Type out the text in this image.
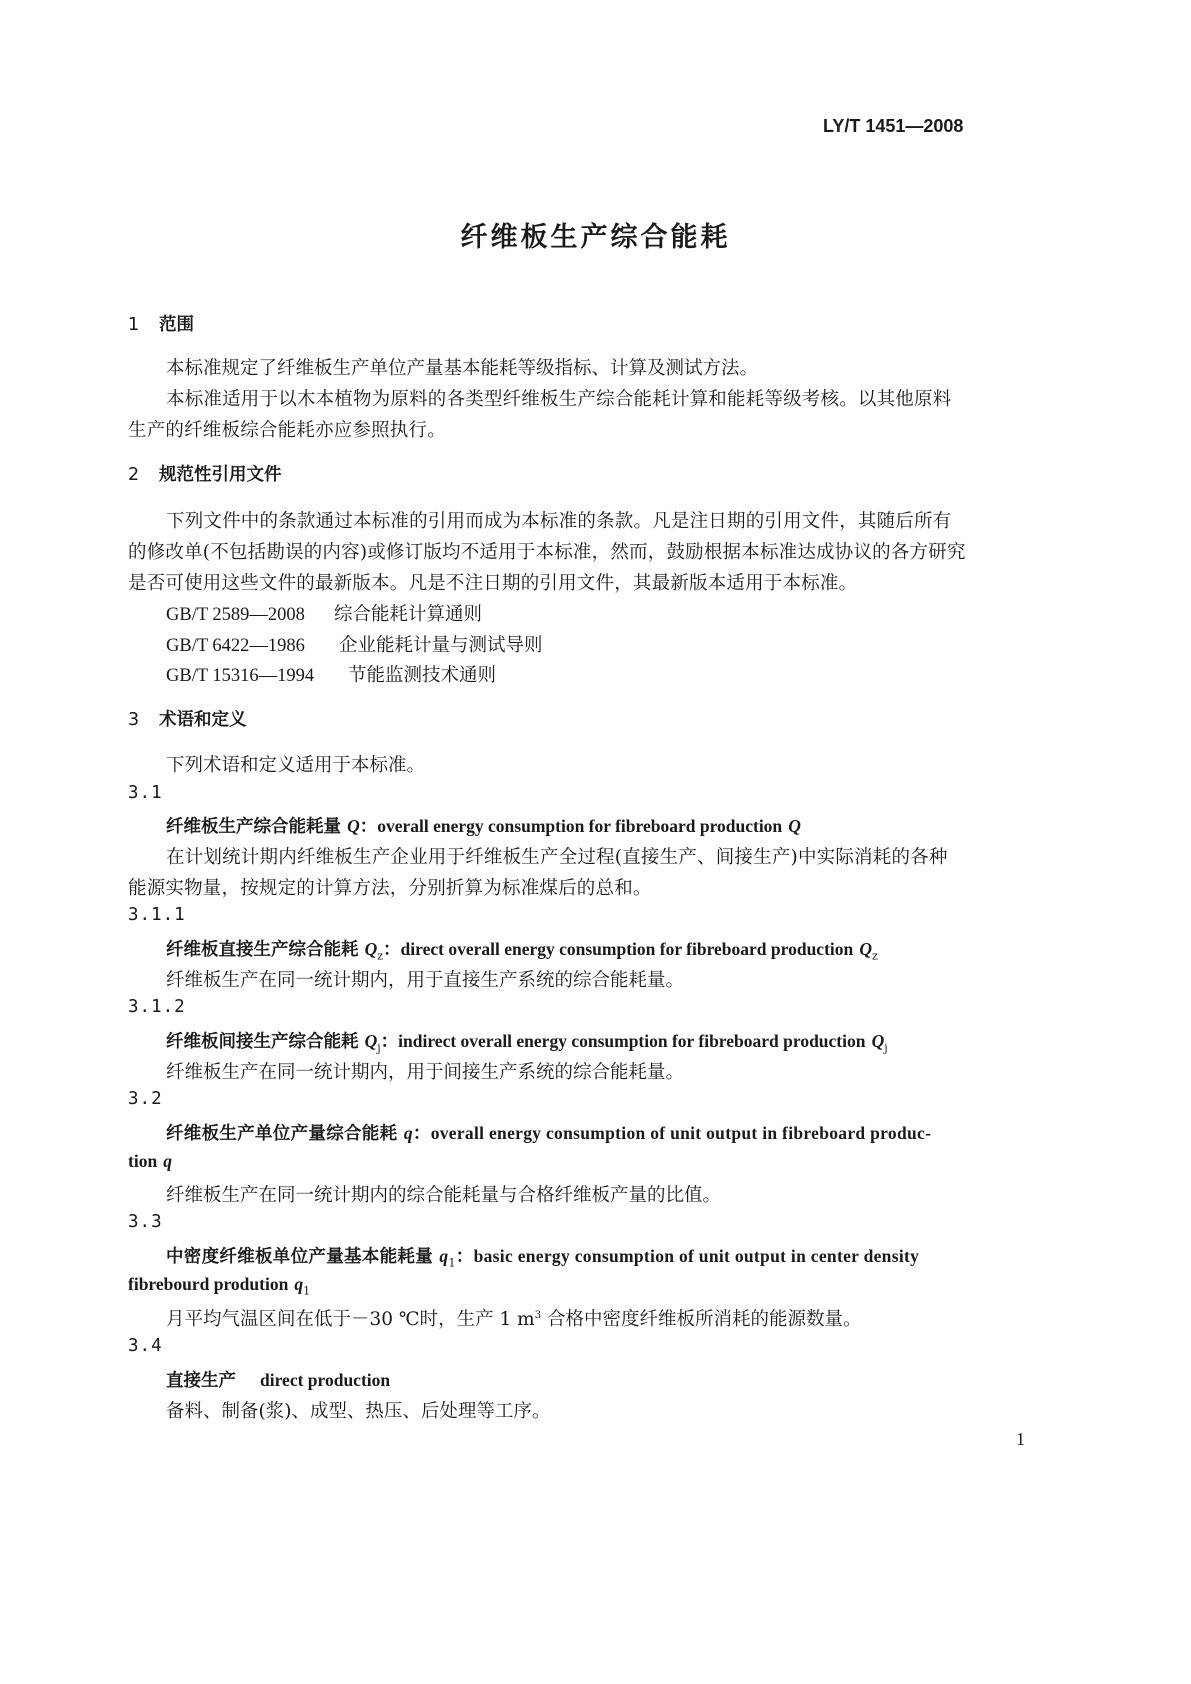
LY/T 1451—2008
纤维板生产综合能耗
1 范围
本标准规定了纤维板生产单位产量基本能耗等级指标、计算及测试方法。
本标准适用于以木本植物为原料的各类型纤维板生产综合能耗计算和能耗等级考核。以其他原料
生产的纤维板综合能耗亦应参照执行。
2 规范性引用文件
下列文件中的条款通过本标准的引用而成为本标准的条款。凡是注日期的引用文件，其随后所有
的修改单(不包括勘误的内容)或修订版均不适用于本标准，然而，鼓励根据本标准达成协议的各方研究
是否可使用这些文件的最新版本。凡是不注日期的引用文件，其最新版本适用于本标准。
GB/T 2589—2008 综合能耗计算通则
GB/T 6422—1986 企业能耗计量与测试导则
GB/T 15316—1994 节能监测技术通则
3 术语和定义
下列术语和定义适用于本标准。
3.1
纤维板生产综合能耗量 Q：overall energy consumption for fibreboard production Q
在计划统计期内纤维板生产企业用于纤维板生产全过程(直接生产、间接生产)中实际消耗的各种
能源实物量，按规定的计算方法，分别折算为标准煤后的总和。
3.1.1
纤维板直接生产综合能耗 $Q_z$：direct overall energy consumption for fibreboard production $Q_z$
纤维板生产在同一统计期内，用于直接生产系统的综合能耗量。
3.1.2
纤维板间接生产综合能耗 $Q_j$：indirect overall energy consumption for fibreboard production $Q_j$
纤维板生产在同一统计期内，用于间接生产系统的综合能耗量。
3.2
纤维板生产单位产量综合能耗 q：overall energy consumption of unit output in fibreboard produc-
tion q
纤维板生产在同一统计期内的综合能耗量与合格纤维板产量的比值。
3.3
中密度纤维板单位产量基本能耗量 $q_1$：basic energy consumption of unit output in center density
fibrebourd prodution $q_1$
月平均气温区间在低于－30 ℃时，生产 1 $m^3$ 合格中密度纤维板所消耗的能源数量。
3.4
直接生产 direct production
备料、制备(浆)、成型、热压、后处理等工序。
1
